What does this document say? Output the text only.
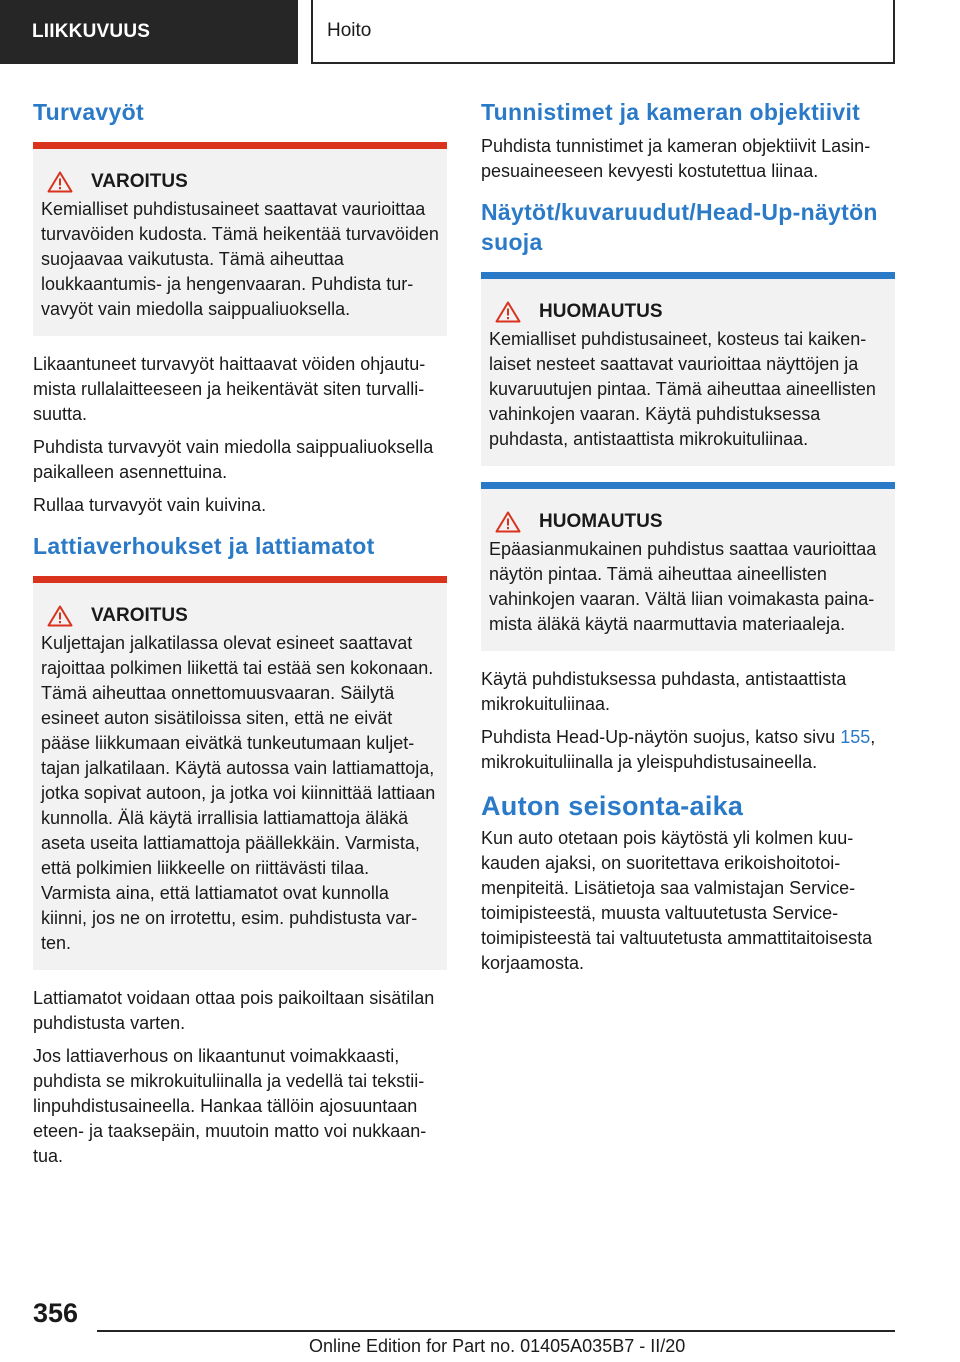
LIIKKUVUUS	Hoito
Turvavyöt
VAROITUS

Kemialliset puhdistusaineet saattavat vaurioittaa turvavöiden kudosta. Tämä heikentää turvavöiden suojaavaa vaikutusta. Tämä aiheuttaa loukkaantumis- ja hengenvaaran. Puhdista turvavyöt vain miedolla saippualiuoksella.

Likaantuneet turvavyöt haittaavat vöiden ohjautumista rullalaitteeseen ja heikentävät siten turvallisuutta.

Puhdista turvavyöt vain miedolla saippualiuoksella paikalleen asennettuina.

Rullaa turvavyöt vain kuivina.

Lattiaverhoukset ja lattiamatot
VAROITUS

Kuljettajan jalkatilassa olevat esineet saattavat rajoittaa polkimen liikettä tai estää sen kokonaan. Tämä aiheuttaa onnettomuusvaaran. Säilytä esineet auton sisätiloissa siten, että ne eivät pääse liikkumaan eivätkä tunkeutumaan kuljettajan jalkatilaan. Käytä autossa vain lattiamattoja, jotka sopivat autoon, ja jotka voi kiinnittää lattiaan kunnolla. Älä käytä irrallisia lattiamattoja äläkä aseta useita lattiamattoja päällekkäin. Varmista, että polkimien liikkeelle on riittävästi tilaa. Varmista aina, että lattiamatot ovat kunnolla kiinni, jos ne on irrotettu, esim. puhdistusta varten.

Lattiamatot voidaan ottaa pois paikoiltaan sisätilan puhdistusta varten.

Jos lattiaverhous on likaantunut voimakkaasti, puhdista se mikrokuituliinalla ja vedellä tai tekstiilinpuhdistusaineella. Hankaa tällöin ajosuuntaan eteen- ja taaksepäin, muutoin matto voi nukkaantua.

Tunnistimet ja kameran objektiivit

Puhdista tunnistimet ja kameran objektiivit Lasinpesuaineeseen kevyesti kostutettua liinaa.

Näytöt/kuvaruudut/Head-Up-näytön suoja
HUOMAUTUS

Kemialliset puhdistusaineet, kosteus tai kaikenlaiset nesteet saattavat vaurioittaa näyttöjen ja kuvaruutujen pintaa. Tämä aiheuttaa aineellisten vahinkojen vaaran. Käytä puhdistuksessa puhdasta, antistaattista mikrokuituliinaa.

HUOMAUTUS

Epäasianmukainen puhdistus saattaa vaurioittaa näytön pintaa. Tämä aiheuttaa aineellisten vahinkojen vaaran. Vältä liian voimakasta painamista äläkä käytä naarmuttavia materiaaleja.

Käytä puhdistuksessa puhdasta, antistaattista mikrokuituliinaa.

Puhdista Head-Up-näytön suojus, katso sivu 155, mikrokuituliinalla ja yleispuhdistusaineella.

Auton seisonta-aika

Kun auto otetaan pois käytöstä yli kolmen kuukauden ajaksi, on suoritettava erikoishoitotoimenpiteitä. Lisätietoja saa valmistajan Service-toimipisteestä, muusta valtuutetusta Service-toimipisteestä tai valtuutetusta ammattitaitoisesta korjaamosta.

356
Online Edition for Part no. 01405A035B7 - II/20
